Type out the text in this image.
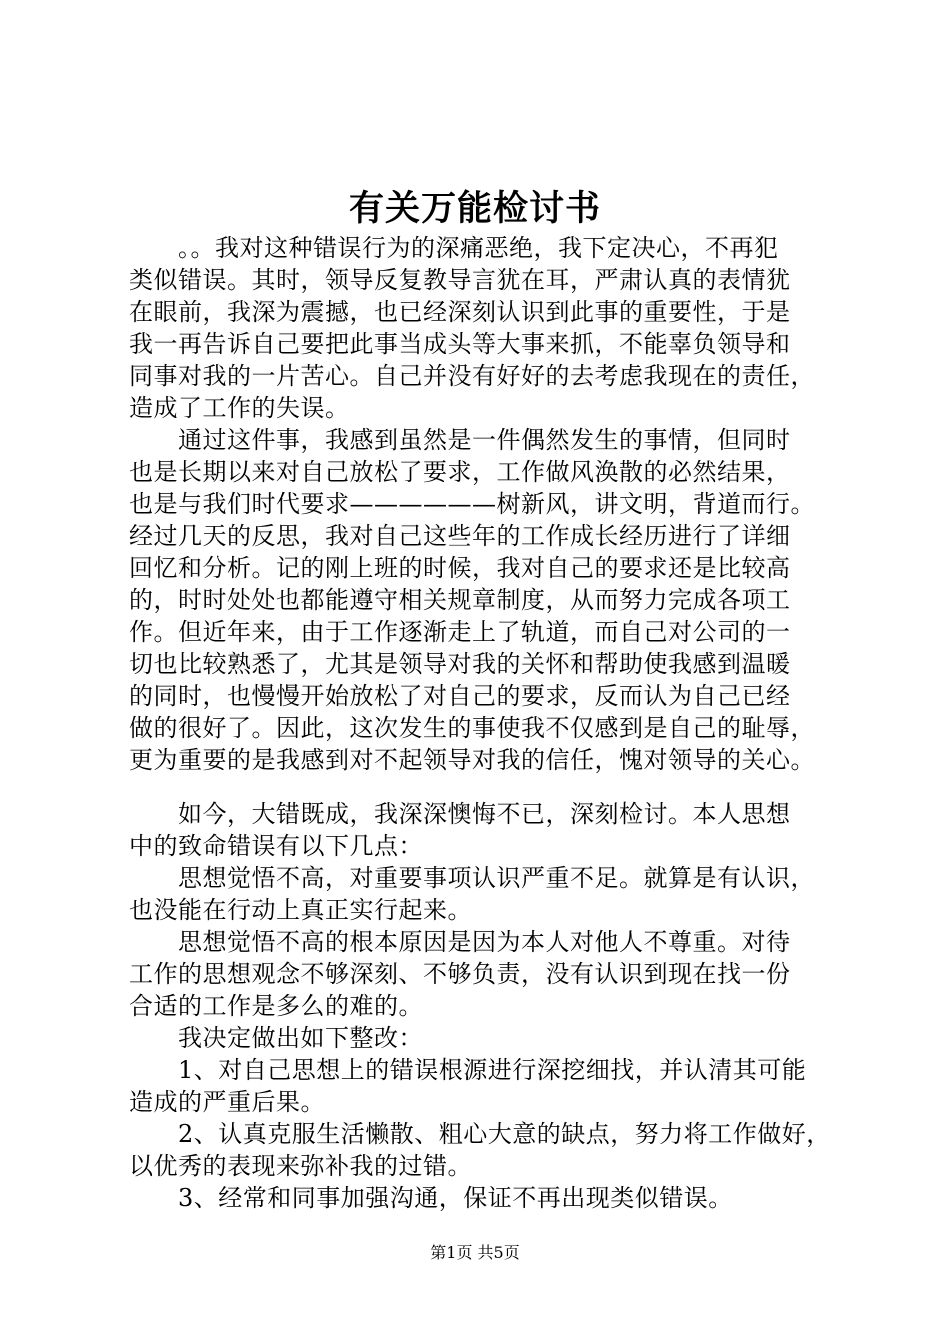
有关万能检讨书
　　。。我对这种错误行为的深痛恶绝，我下定决心，不再犯
类似错误。其时，领导反复教导言犹在耳，严肃认真的表情犹
在眼前，我深为震撼，也已经深刻认识到此事的重要性，于是
我一再告诉自己要把此事当成头等大事来抓，不能辜负领导和
同事对我的一片苦心。自己并没有好好的去考虑我现在的责任，
造成了工作的失误。
　　通过这件事，我感到虽然是一件偶然发生的事情，但同时
也是长期以来对自己放松了要求，工作做风涣散的必然结果，
也是与我们时代要求——————树新风，讲文明，背道而行。
经过几天的反思，我对自己这些年的工作成长经历进行了详细
回忆和分析。记的刚上班的时候，我对自己的要求还是比较高
的，时时处处也都能遵守相关规章制度，从而努力完成各项工
作。但近年来，由于工作逐渐走上了轨道，而自己对公司的一
切也比较熟悉了，尤其是领导对我的关怀和帮助使我感到温暖
的同时，也慢慢开始放松了对自己的要求，反而认为自己已经
做的很好了。因此，这次发生的事使我不仅感到是自己的耻辱，
更为重要的是我感到对不起领导对我的信任，愧对领导的关心。
　　如今，大错既成，我深深懊悔不已，深刻检讨。本人思想
中的致命错误有以下几点：
　　思想觉悟不高，对重要事项认识严重不足。就算是有认识，
也没能在行动上真正实行起来。
　　思想觉悟不高的根本原因是因为本人对他人不尊重。对待
工作的思想观念不够深刻、不够负责，没有认识到现在找一份
合适的工作是多么的难的。
　　我决定做出如下整改：
　　1、对自己思想上的错误根源进行深挖细找，并认清其可能
造成的严重后果。
　　2、认真克服生活懒散、粗心大意的缺点，努力将工作做好，
以优秀的表现来弥补我的过错。
　　3、经常和同事加强沟通，保证不再出现类似错误。
第1页 共5页
